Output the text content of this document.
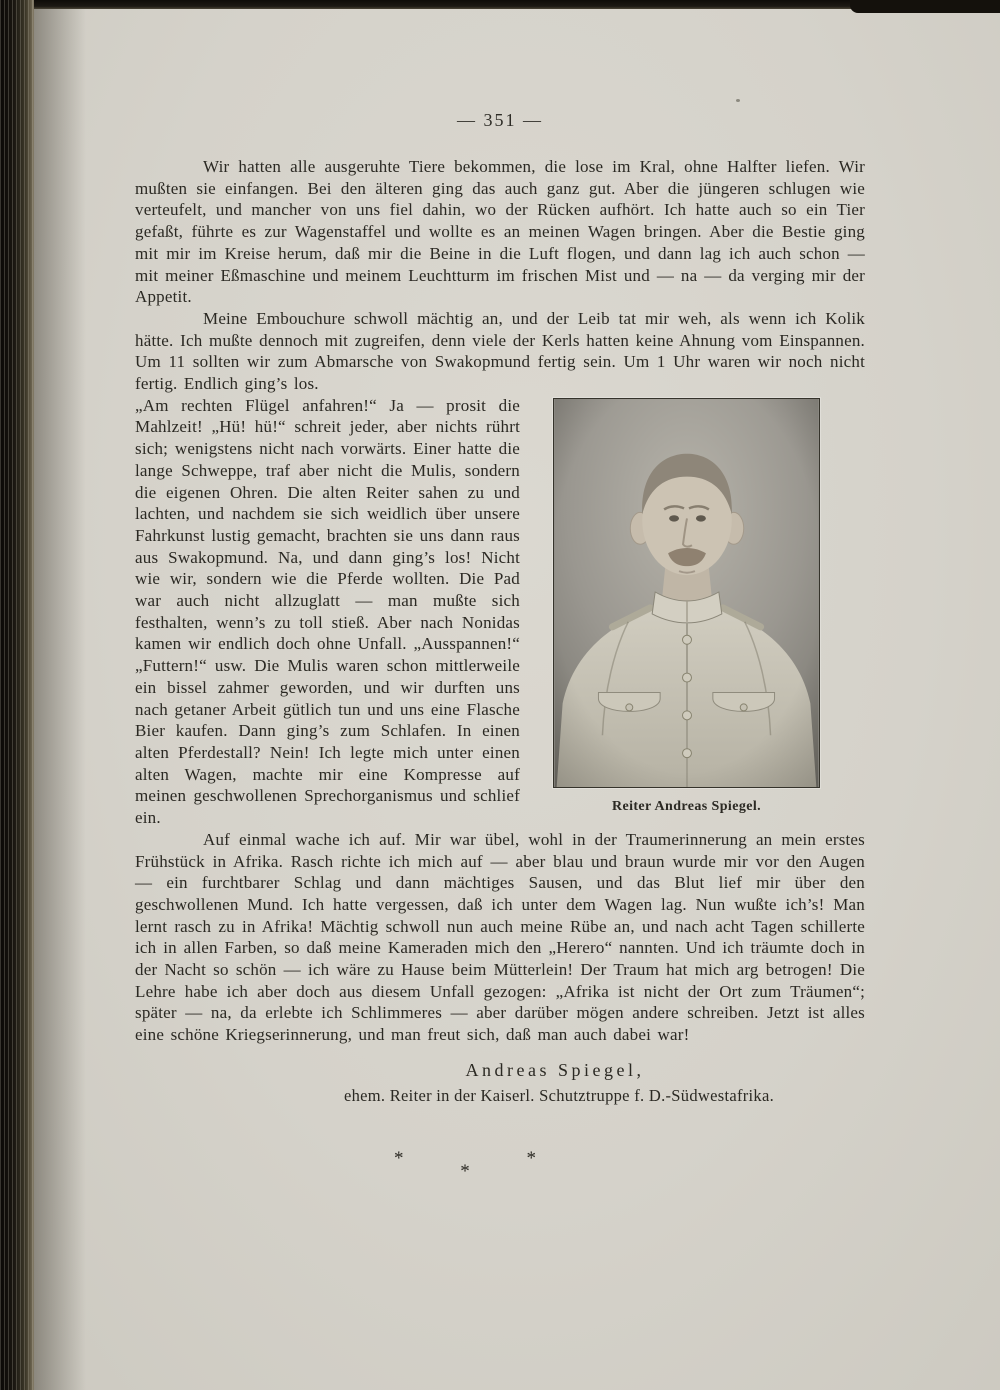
— 351 —

Wir hatten alle ausgeruhte Tiere bekommen, die lose im Kral, ohne Halfter liefen. Wir mußten sie einfangen. Bei den älteren ging das auch ganz gut. Aber die jüngeren schlugen wie verteufelt, und mancher von uns fiel dahin, wo der Rücken aufhört. Ich hatte auch so ein Tier gefaßt, führte es zur Wagenstaffel und wollte es an meinen Wagen bringen. Aber die Bestie ging mit mir im Kreise herum, daß mir die Beine in die Luft flogen, und dann lag ich auch schon — mit meiner Eßmaschine und meinem Leuchtturm im frischen Mist und — na — da verging mir der Appetit.

Meine Embouchure schwoll mächtig an, und der Leib tat mir weh, als wenn ich Kolik hätte. Ich mußte dennoch mit zugreifen, denn viele der Kerls hatten keine Ahnung vom Einspannen. Um 11 sollten wir zum Abmarsche von Swakopmund fertig sein. Um 1 Uhr waren wir noch nicht fertig. Endlich ging’s los.

Reiter Andreas Spiegel.

„Am rechten Flügel anfahren!“ Ja — prosit die Mahlzeit! „Hü! hü!“ schreit jeder, aber nichts rührt sich; wenigstens nicht nach vorwärts. Einer hatte die lange Schweppe, traf aber nicht die Mulis, sondern die eigenen Ohren. Die alten Reiter sahen zu und lachten, und nachdem sie sich weidlich über unsere Fahrkunst lustig gemacht, brachten sie uns dann raus aus Swakopmund. Na, und dann ging’s los! Nicht wie wir, sondern wie die Pferde wollten. Die Pad war auch nicht allzuglatt — man mußte sich festhalten, wenn’s zu toll stieß. Aber nach Nonidas kamen wir endlich doch ohne Unfall. „Ausspannen!“ „Futtern!“ usw. Die Mulis waren schon mittlerweile ein bissel zahmer geworden, und wir durften uns nach getaner Arbeit gütlich tun und uns eine Flasche Bier kaufen. Dann ging’s zum Schlafen. In einen alten Pferdestall? Nein! Ich legte mich unter einen alten Wagen, machte mir eine Kompresse auf meinen geschwollenen Sprechorganismus und schlief ein.

Auf einmal wache ich auf. Mir war übel, wohl in der Traumerinnerung an mein erstes Frühstück in Afrika. Rasch richte ich mich auf — aber blau und braun wurde mir vor den Augen — ein furchtbarer Schlag und dann mächtiges Sausen, und das Blut lief mir über den geschwollenen Mund. Ich hatte vergessen, daß ich unter dem Wagen lag. Nun wußte ich’s! Man lernt rasch zu in Afrika! Mächtig schwoll nun auch meine Rübe an, und nach acht Tagen schillerte ich in allen Farben, so daß meine Kameraden mich den „Herero“ nannten. Und ich träumte doch in der Nacht so schön — ich wäre zu Hause beim Mütterlein! Der Traum hat mich arg betrogen! Die Lehre habe ich aber doch aus diesem Unfall gezogen: „Afrika ist nicht der Ort zum Träumen“; später — na, da erlebte ich Schlimmeres — aber darüber mögen andere schreiben. Jetzt ist alles eine schöne Kriegserinnerung, und man freut sich, daß man auch dabei war!

Andreas Spiegel,
ehem. Reiter in der Kaiserl. Schutztruppe f. D.-Südwestafrika.
* * *
